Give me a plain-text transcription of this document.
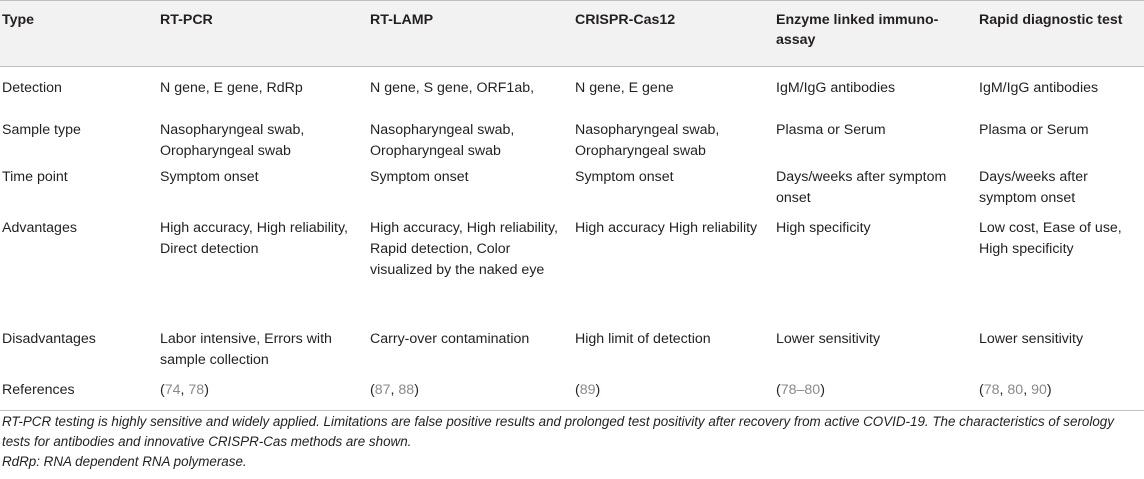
Type	RT-PCR	RT-LAMP	CRISPR-Cas12	Enzyme linked immuno- assay	Rapid diagnostic test
Detection	N gene, E gene, RdRp	N gene, S gene, ORF1ab,	N gene, E gene	IgM/IgG antibodies	IgM/IgG antibodies
Sample type	Nasopharyngeal swab, Oropharyngeal swab	Nasopharyngeal swab, Oropharyngeal swab	Nasopharyngeal swab, Oropharyngeal swab	Plasma or Serum	Plasma or Serum
Time point	Symptom onset	Symptom onset	Symptom onset	Days/weeks after symptom onset	Days/weeks after symptom onset
Advantages	High accuracy, High reliability, Direct detection	High accuracy, High reliability, Rapid detection, Color visualized by the naked eye	High accuracy High reliability	High specificity	Low cost, Ease of use, High specificity
Disadvantages	Labor intensive, Errors with sample collection	Carry-over contamination	High limit of detection	Lower sensitivity	Lower sensitivity
References	(74, 78)	(87, 88)	(89)	(78–80)	(78, 80, 90)

RT-PCR testing is highly sensitive and widely applied. Limitations are false positive results and prolonged test positivity after recovery from active COVID-19. The characteristics of serology tests for antibodies and innovative CRISPR-Cas methods are shown.

RdRp: RNA dependent RNA polymerase.
